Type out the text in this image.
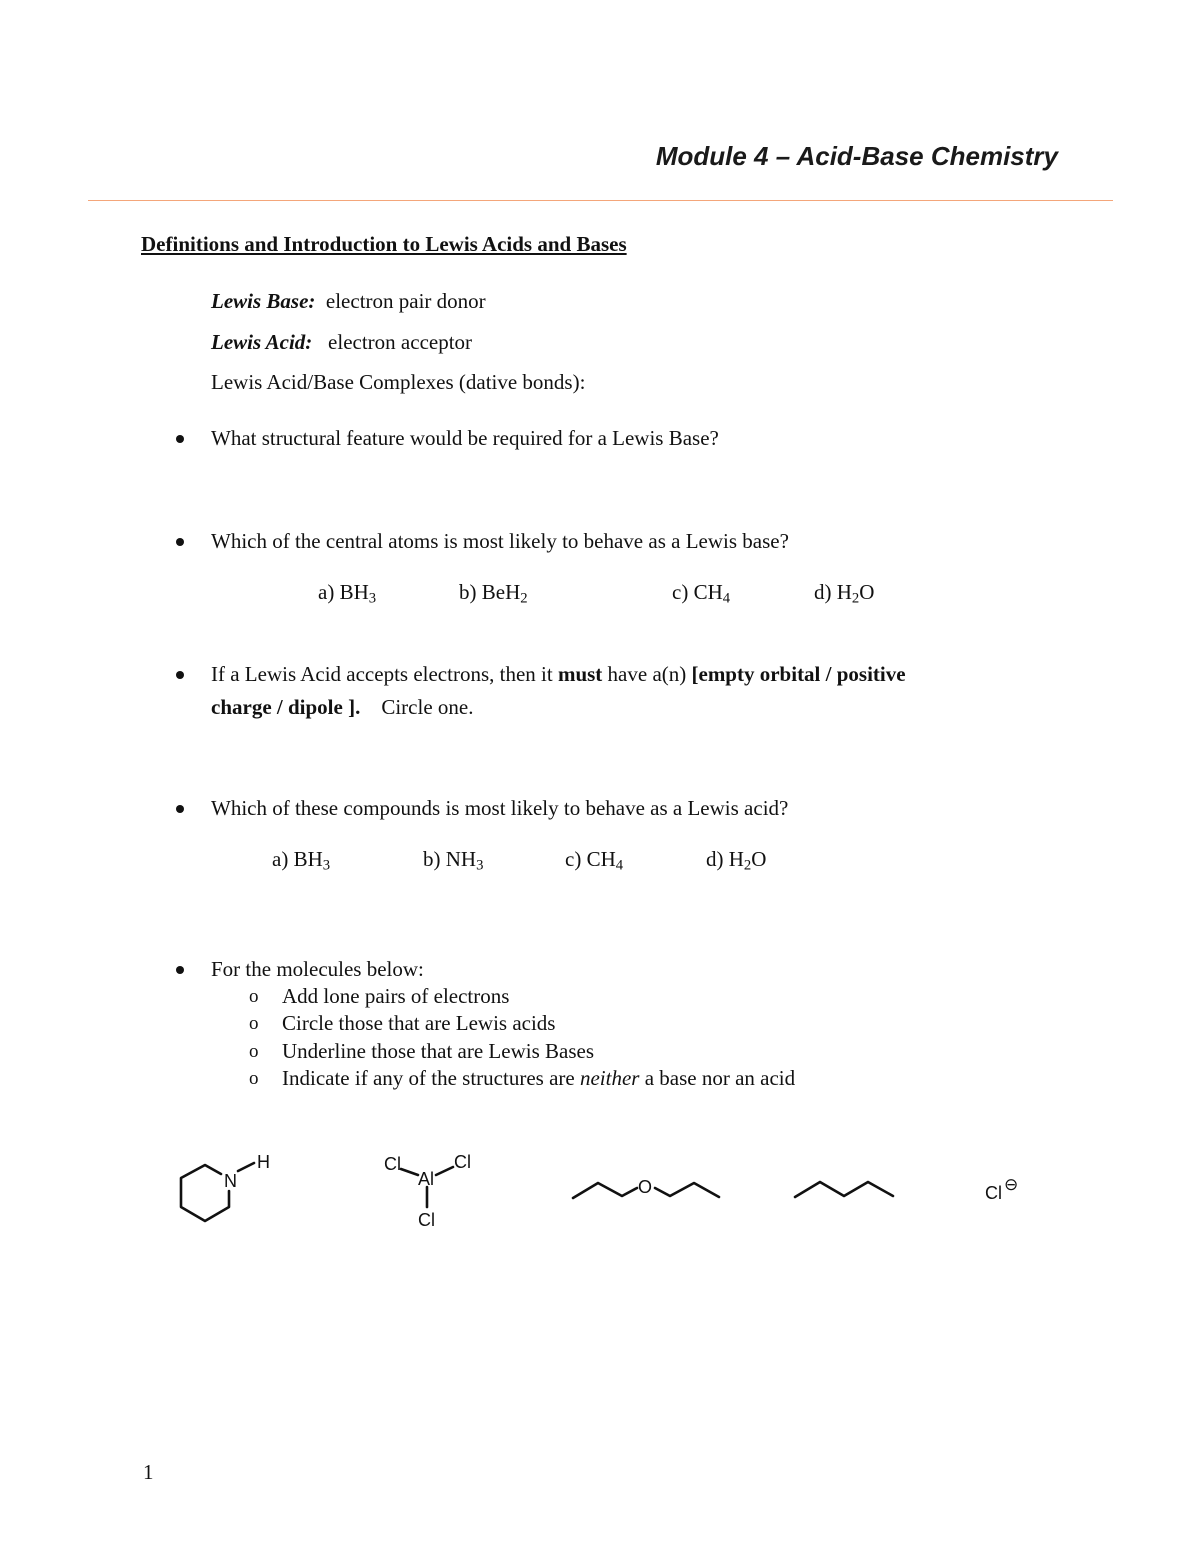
Module 4 – Acid-Base Chemistry
Definitions and Introduction to Lewis Acids and Bases
Lewis Base: electron pair donor
Lewis Acid: electron acceptor
Lewis Acid/Base Complexes (dative bonds):
What structural feature would be required for a Lewis Base?
Which of the central atoms is most likely to behave as a Lewis base?
a) $BH_3$	b) BeH$_2$	c) $CH_4$	d) $H_2O$
If a Lewis Acid accepts electrons, then it must have a(n) [empty orbital / positive
charge / dipole ]. Circle one.
Which of these compounds is most likely to behave as a Lewis acid?
a) $BH_3$	b) $NH_3$	c) $CH_4$	d) $H_2O$
For the molecules below:
o Add lone pairs of electrons
o Circle those that are Lewis acids
o Underline those that are Lewis Bases
o Indicate if any of the structures are neither a base nor an acid
N
H	Cl
Al
Cl
Cl
O	Cl ⊖
1
